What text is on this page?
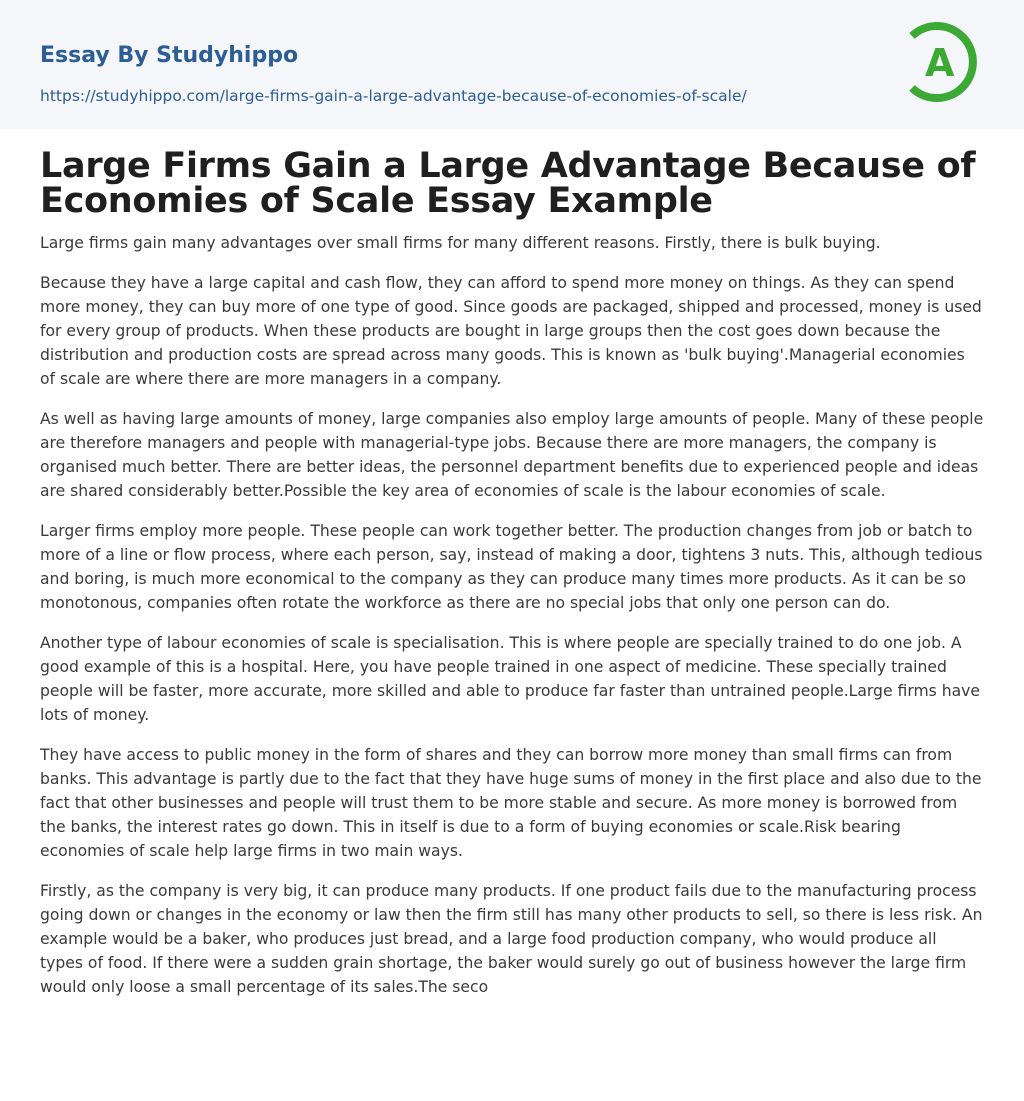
Essay By Studyhippo
https://studyhippo.com/large-firms-gain-a-large-advantage-because-of-economies-of-scale/
A
Large Firms Gain a Large Advantage Because of Economies of Scale Essay Example

Large firms gain many advantages over small firms for many different reasons. Firstly, there is bulk buying.

Because they have a large capital and cash flow, they can afford to spend more money on things. As they can spend more money, they can buy more of one type of good. Since goods are packaged, shipped and processed, money is used for every group of products. When these products are bought in large groups then the cost goes down because the distribution and production costs are spread across many goods. This is known as 'bulk buying'.Managerial economies of scale are where there are more managers in a company.

As well as having large amounts of money, large companies also employ large amounts of people. Many of these people are therefore managers and people with managerial-type jobs. Because there are more managers, the company is organised much better. There are better ideas, the personnel department benefits due to experienced people and ideas are shared considerably better.Possible the key area of economies of scale is the labour economies of scale.

Larger firms employ more people. These people can work together better. The production changes from job or batch to more of a line or flow process, where each person, say, instead of making a door, tightens 3 nuts. This, although tedious and boring, is much more economical to the company as they can produce many times more products. As it can be so monotonous, companies often rotate the workforce as there are no special jobs that only one person can do.

Another type of labour economies of scale is specialisation. This is where people are specially trained to do one job. A good example of this is a hospital. Here, you have people trained in one aspect of medicine. These specially trained people will be faster, more accurate, more skilled and able to produce far faster than untrained people.Large firms have lots of money.

They have access to public money in the form of shares and they can borrow more money than small firms can from banks. This advantage is partly due to the fact that they have huge sums of money in the first place and also due to the fact that other businesses and people will trust them to be more stable and secure. As more money is borrowed from the banks, the interest rates go down. This in itself is due to a form of buying economies or scale.Risk bearing economies of scale help large firms in two main ways.

Firstly, as the company is very big, it can produce many products. If one product fails due to the manufacturing process going down or changes in the economy or law then the firm still has many other products to sell, so there is less risk. An example would be a baker, who produces just bread, and a large food production company, who would produce all types of food. If there were a sudden grain shortage, the baker would surely go out of business however the large firm would only loose a small percentage of its sales.The seco
